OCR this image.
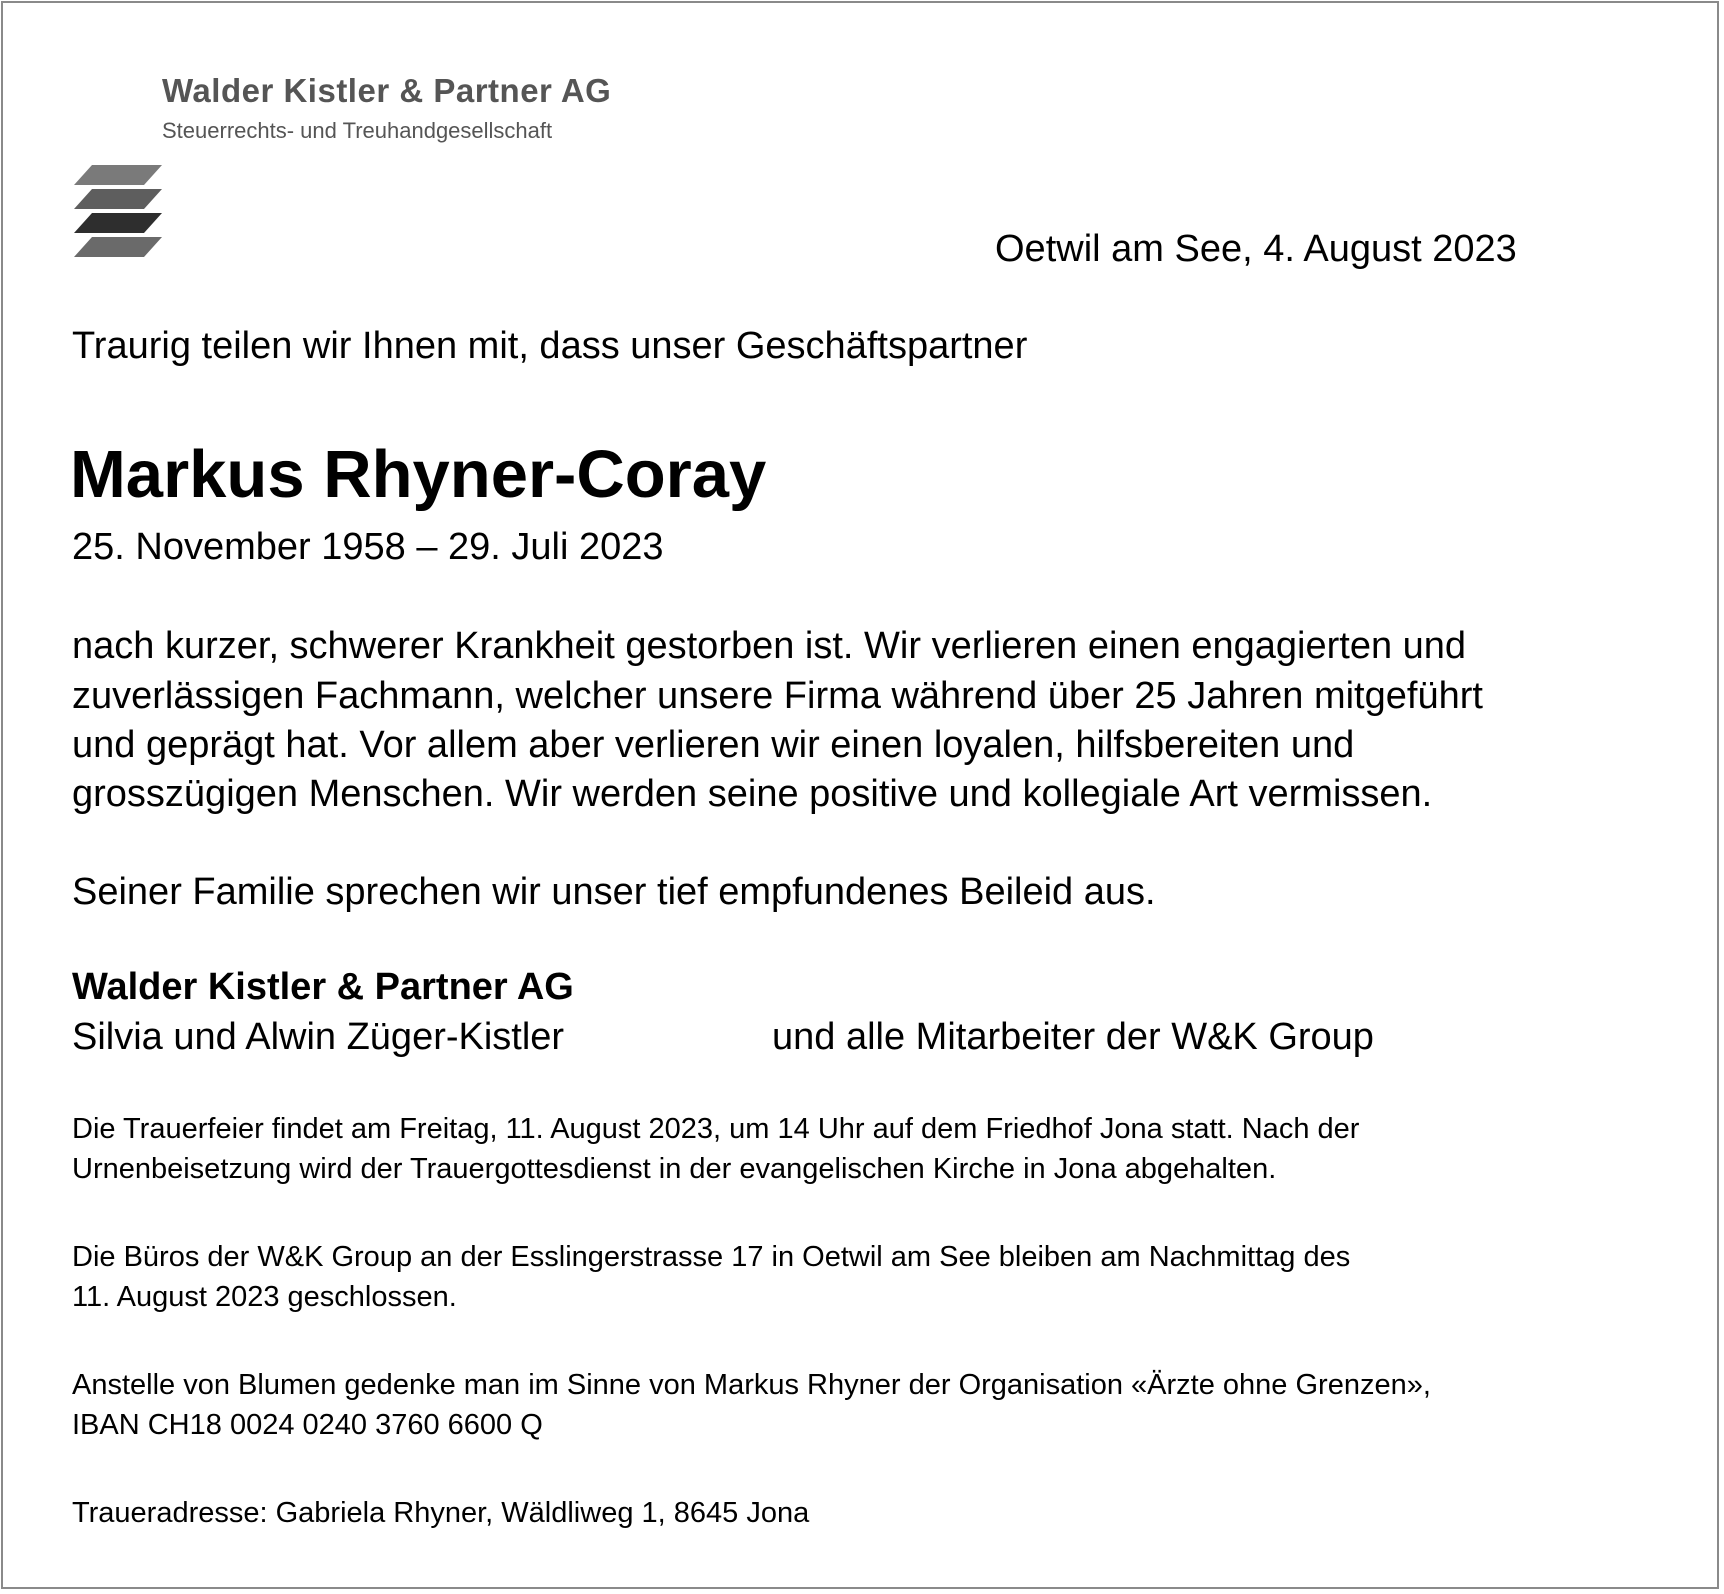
Walder Kistler & Partner AG
Steuerrechts- und Treuhandgesellschaft
Oetwil am See, 4. August 2023
Traurig teilen wir Ihnen mit, dass unser Geschäftspartner
Markus Rhyner-Coray
25. November 1958 – 29. Juli 2023
nach kurzer, schwerer Krankheit gestorben ist. Wir verlieren einen engagierten und
zuverlässigen Fachmann, welcher unsere Firma während über 25 Jahren mitgeführt
und geprägt hat. Vor allem aber verlieren wir einen loyalen, hilfsbereiten und
grosszügigen Menschen. Wir werden seine positive und kollegiale Art vermissen.
Seiner Familie sprechen wir unser tief empfundenes Beileid aus.
Walder Kistler & Partner AG
Silvia und Alwin Züger-Kistler	und alle Mitarbeiter der W&K Group
Die Trauerfeier findet am Freitag, 11. August 2023, um 14 Uhr auf dem Friedhof Jona statt. Nach der
Urnenbeisetzung wird der Trauergottesdienst in der evangelischen Kirche in Jona abgehalten.
Die Büros der W&K Group an der Esslingerstrasse 17 in Oetwil am See bleiben am Nachmittag des
11. August 2023 geschlossen.
Anstelle von Blumen gedenke man im Sinne von Markus Rhyner der Organisation «Ärzte ohne Grenzen»,
IBAN CH18 0024 0240 3760 6600 Q
Traueradresse: Gabriela Rhyner, Wäldliweg 1, 8645 Jona
